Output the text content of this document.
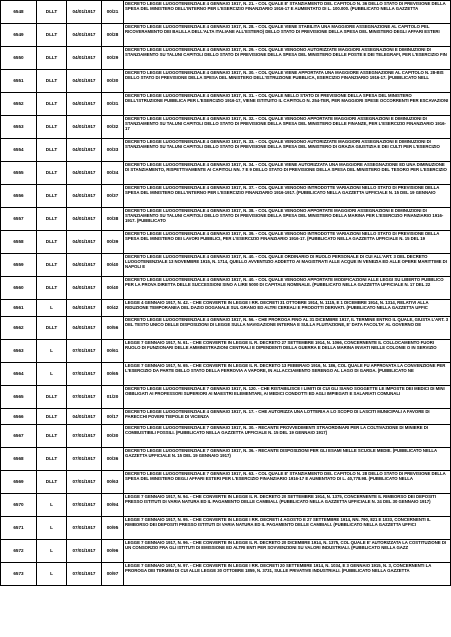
6548	DLLT	04/01/1917	00/21	DECRETO LEGGE LUOGOTENENZIALE 4 GENNAIO 1917, N. 21. - COL QUALE E' STANZIAMENTO DEL CAPITOLO N. 36 DELLO STATO DI PREVISIONE DELLA SPESA DEL MINISTERO DELL'INTERNO PER L'ESERCIZIO FINANZIARIO 1916-17 E AUMENTATO DI L. 100.000. (PUBBLICATO NELLA GAZZETTA
6549	DLLT	04/01/1917	00/28	DECRETO LEGGE LUOGOTENENZIALE 4 GENNAIO 1917, N. 28. - COL QUALE VIENE STABILITA UNA MAGGIORE ASSEGNAZIONE AL CAPITOLO PEL RICOVERAMENTO DEI BALILLA DELL'ALTA ITALIANE ALL'ESTERO) DELLO STATO DI PREVISIONE DELLA SPESA DEL MINISTERO DEGLI AFFARI ESTERI
6550	DLLT	04/01/1917	00/29	DECRETO LEGGE LUOGOTENENZIALE 4 GENNAIO 1917, N. 29. - COL QUALE VENGONO AUTORIZZATE MAGGIORI ASSEGNAZIONI E DIMINUZIONI DI STANZIAMENTO SU TALUNI CAPITOLI DELLO STATO DI PREVISIONE DELLA SPESA DEL MINISTERO DELLE POSTE E DEI TELEGRAFI, PER L'ESERCIZIO FIN
6551	DLLT	04/01/1917	00/30	DECRETO LEGGE LUOGOTENENZIALE 4 GENNAIO 1917, N. 30. - COL QUALE VIENE APPORTATA UNA MAGGIORE ASSEGNAZIONE AL CAPITOLO N. 28-BIS DELLO STATO DI PREVISIONE DELLA SPESA DEL MINISTERO DELL'ISTRUZIONE PUBBLICA, ESERCIZIO FINANZIARIO 1916-17. (PUBBLICATO NELL
6552	DLLT	04/01/1917	00/31	DECRETO LEGGE LUOGOTENENZIALE 4 GENNAIO 1917, N. 31. - COL QUALE NELLO STATO DI PREVISIONE DELLA SPESA DEL MINISTERO DELL'ISTRUZIONE PUBBLICA PER L'ESERCIZIO 1916-17, VIENE ISTITUITO IL CAPITOLO N. 254-TER, PER MAGGIORI SPESE OCCORRENTI PER ESCAVAZIONI
6553	DLLT	04/01/1917	00/32	DECRETO LEGGE LUOGOTENENZIALE 4 GENNAIO 1917, N. 32. - COL QUALE VENGONO APPORTATE MAGGIORI ASSEGNAZIONI E DIMINUZIONI DI STANZIAMENTO SU TALUNI CAPITOLI DELLO STATO DI PREVISIONE DELLA SPESA DEL MINISTERO DELLE FINANZE, PER L'ESERCIZIO FINANZIARIO 1916-17
6554	DLLT	04/01/1917	00/33	DECRETO LEGGE LUOGOTENENZIALE 4 GENNAIO 1917, N. 33. - COL QUALE VENGONO AUTORIZZATE MAGGIORI ASSEGNAZIONI E DIMINUZIONI DI STANZIAMENTO SU TALUNI CAPITOLI DELLO STATO DI PREVISIONE DELLA SPESA DEL MINISTERO DI GRAZIA GIUSTIZIA E DEI CULTI PER L'ESERCIZIO
6555	DLLT	04/01/1917	00/34	DECRETO LEGGE LUOGOTENENZIALE 4 GENNAIO 1917, N. 34. - COL QUALE VIENE AUTORIZZATA UNA MAGGIORE ASSEGNAZIONE ED UNA DIMINUZIONE DI STANZIAMENTO, RISPETTIVAMENTE AI CAPITOLI NN. 7 E 9 DELLO STATO DI PREVISIONE DELLA SPESA DEL MINISTERO DEL TESORO PER L'ESERCIZIO
6556	DLLT	04/01/1917	00/37	DECRETO LEGGE LUOGOTENENZIALE 4 GENNAIO 1917, N. 37. - COL QUALE VENGONO INTRODOTTE VARIAZIONI NELLO STATO DI PREVISIONE DELLA SPESA DEL MINISTERO DELL'INTERNO PER L'ESERCIZIO FINANZIARIO 1916-1917. (PUBBLICATO NELLA GAZZETTA UFFICIALE N. 15 DEL 19 GENNAIO
6557	DLLT	04/01/1917	00/38	DECRETO LEGGE LUOGOTENENZIALE 4 GENNAIO 1917, N. 38. - COL QUALE VENGONO APPORTATE MAGGIORI ASSEGNAZIONI E DIMINUZIONI DI STANZIAMENTO SU TALUNI CAPITOLI DELLO STATO DI PREVISIONE DELLA SPESA DEL MINISTERO DELLA MARINA PER L'ESERCIZIO FINANZIARIO 1916-1917. (PUBBLICATO
6558	DLLT	04/01/1917	00/39	DECRETO LEGGE LUOGOTENENZIALE 4 GENNAIO 1917, N. 39. - COL QUALE VENGONO INTRODOTTE VARIAZIONI NELLO STATO DI PREVISIONE DELLA SPESA DEL MINISTERO DEI LAVORI PUBBLICI, PER L'ESERCIZIO FINANZIARIO 1916-17. (PUBBLICATO NELLA GAZZETTA UFFICIALE N. 15 DEL 19
6559	DLLT	04/01/1917	00/40	DECRETO LEGGE LUOGOTENENZIALE 4 GENNAIO 1917, N. 40. - COL QUALE ORDINARIO DI RUOLO PERSONALE DI CUI ALL'ART. 3 DEL DECRETO LUOGOTENENZIALE 13 NOVEMBRE 1915, N. 1714, QUELLO AVVENTIZIO ADDETTO AI MAGISTRATI ALLE ACQUE IN VENEZIA ED ALLE OPERE MARITTIME DI NAPOLI E
6560	DLLT	04/01/1917	00/40	DECRETO LEGGE LUOGOTENENZIALE 4 GENNAIO 1917, N. 40. - COL QUALE VENGONO APPORTATE MODIFICAZIONI ALLE LEGGI SU LIBERTO PUBBLICO PER LA PROVA DIRETTA DELLE SUCCESSIONI SINO A LIRE 5000 DI CAPITALE NOMINALE. (PUBBLICATO NELLA GAZZETTA UFFICIALE N. 17 DEL 22
6561	L	04/01/1917	00/42	LEGGE 4 GENNAIO 1917, N. 42. - CHE CONVERTE IN LEGGE I RR. DECRETI 31 OTTOBRE 1914, N. 1115, E 1 DICEMBRE 1914, N. 1314, RELATIVI ALLA RIDUZIONE TEMPORANEA DEL DAZIO DOGANALE SUL GRANO ED ALTRI CEREALI E PRODOTTI DERIVATI. (PUBBLICATO NELLA GAZZETTA UFFIC
6562	DLLT	04/01/1917	00/56	DECRETO LEGGE LUOGOTENENZIALE 4 GENNAIO 1917, N. 56. - CHE PROROGA FINO AL 31 DICEMBRE 1917, IL TERMINE ENTRO IL QUALE, GIUSTA L'ART. 3 DEL TESTO UNICO DELLE DISPOSIZIONI DI LEGGE SULLA NAVIGAZIONE INTERNA E SULLA FLUITAZIONE, E' DATA FACOLTA' AL GOVERNO DE
6563	L	07/01/1917	00/61	LEGGE 7 GENNAIO 1917, N. 61. - CHE CONVERTE IN LEGGE IL R. DECRETO 27 SETTEMBRE 1914, N. 1066, CONCERNENTE IL COLLOCAMENTO FUORI RUOLO DI FUNZIONARI DELLE AMMINISTRAZIONI CENTRALI E DIPENDENTI DELLA GUERRA E DELLA MARINA INVIATI NELLE COLONIE O IN SERVIZIO
6564	L	07/01/1917	00/65	LEGGE 7 GENNAIO 1917, N. 65. - CHE CONVERTE IN LEGGE IL R. DECRETO 13 FEBBRAIO 1916, N. 186, COL QUALE FU APPROVATA LA CONVENZIONE PER L'ESERCIZIO DA PARTE DELLO STATO DELLA FERROVIA A VAPORE, IN ALLACCIAMENTO SERENGO AL LAGO DI GARDA. (PUBBLICATO NE
6565	DLLT	07/01/1917	01/20	DECRETO LEGGE LUOGOTENENZIALE 7 GENNAIO 1917, N. 120. - CHE RISTABILISCE I LIMITI DI CUI GLI SIANO SOGGETTE LE IMPOSTE DEI MEDICI DI MINI OBBLIGATI AI PROFESSORI SUPERIORI AI MAESTRI ELEMENTARI, AI MEDICI CONDOTTI ED AGLI IMPIEGATI E SALARIATI COMUNALI
6566	DLLT	04/01/1917	00/17	DECRETO LEGGE LUOGOTENENZIALE 4 GENNAIO 1917, N. 17. - CHE AUTORIZZA UNA LOTTERIA A LO SCOPO DI LASCITI MUNICIPALI A FAVORE DI PARECCHI POVERI TIEPOLE DI VICENZA
6567	DLLT	07/01/1917	00/30	DECRETO LEGGE LUOGOTENENZIALE 7 GENNAIO 1917, N. 30. - RECANTE PROVVEDIMENTI STRAORDINARI PER LA COLTIVAZIONE DI MINIERE DI COMBUSTIBILI FOSSILI. (PUBBLICATO NELLA GAZZETTA UFFICIALE N. 15 DEL 19 GENNAIO 1917)
6568	DLLT	07/01/1917	00/36	DECRETO LEGGE LUOGOTENENZIALE 7 GENNAIO 1917, N. 36. - RECANTE DISPOSIZIONI PER GLI ESAMI NELLE SCUOLE MEDIE. (PUBBLICATO NELLA GAZZETTA UFFICIALE N. 15 DEL 19 GENNAIO 1917)
6569	DLLT	07/01/1917	00/63	DECRETO LEGGE LUOGOTENENZIALE 7 GENNAIO 1917, N. 63. - COL QUALE E' STANZIAMENTO DEL CAPITOLO N. 28 DELLO STATO DI PREVISIONE DELLA SPESA DEL MINISTERO DEGLI AFFARI ESTERI PER L'ESERCIZIO FINANZIARIO 1916-17 E AUMENTATO DI L. 40,778.98. (PUBBLICATO NELLA
6570	L	07/01/1917	00/94	LEGGE 7 GENNAIO 1917, N. 94. - CHE CONVERTE IN LEGGE IL R. DECRETO 20 SETTEMBRE 1914, N. 1375, CONCERNENTE IL RIMBORSO DEI DEPOSITI PRESSO ISTITUTI DI VARIA NATURA ED IL PAGAMENTO DELLE CAMBIALI. (PUBBLICATO NELLA GAZZETTA UFFICIALE N. 24 DEL 30 GENNAIO 1917)
6571	L	07/01/1917	00/95	LEGGE 7 GENNAIO 1917, N. 95. - CHE CONVERTE IN LEGGE I RR. DECRETI 4 AGOSTO E 27 SETTEMBRE 1914, NN. 790, 821 E 1033, CONCERNENTI IL RIMBORSO DEI DEPOSITI PRESSO ISTITUTI DI VARIA NATURA ED IL PAGAMENTO DELLE CAMBIALI. (PUBBLICATO NELLA GAZZETTA UFFICI
6572	L	07/01/1917	00/96	LEGGE 7 GENNAIO 1917, N. 96. - CHE CONVERTE IN LEGGE IL R. DECRETO 20 DICEMBRE 1914, N. 1375, COL QUALE E' AUTORIZZATA LA COSTITUZIONE DI UN CONSORZIO FRA GLI ISTITUTI DI EMISSIONE ED ALTRI ENTI PER SOVVENZIONI SU VALORI INDUSTRIALI. (PUBBLICATO NELLA GAZZ
6573	L	07/01/1917	00/97	LEGGE 7 GENNAIO 1917, N. 97. - CHE CONVERTE IN LEGGE I RR. DECRETI 20 SETTEMBRE 1914, N. 1034, E 3 GENNAIO 1915, N. 3, CONCERNENTI LA PROROGA DEI TERMINI DI CUI ALLE LEGGE 30 OTTOBRE 1859, N. 3731, SULLE PRIVATIVE INDUSTRIALI. (PUBBLICATO NELLA GAZZETTA
